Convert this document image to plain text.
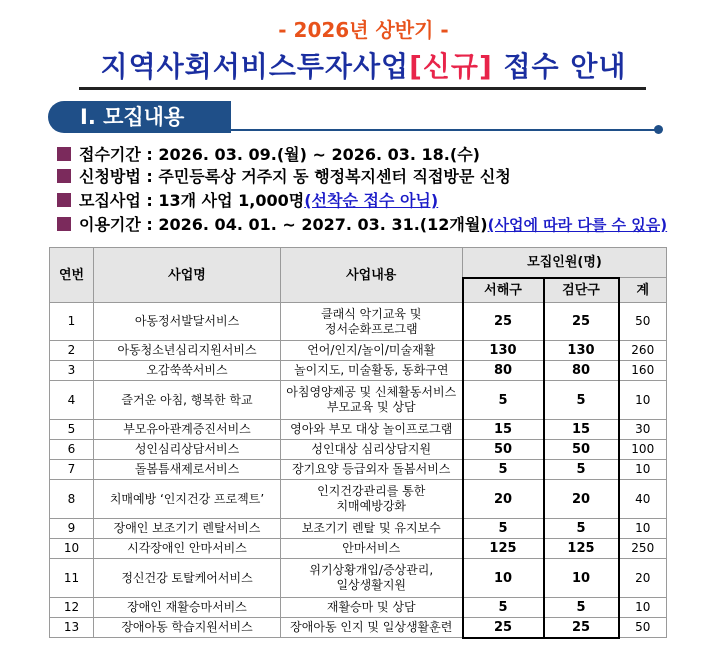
- 2026년 상반기 -
지역사회서비스투자사업[신규] 접수 안내
Ⅰ. 모집내용
접수기간 : 2026. 03. 09.(월) ~ 2026. 03. 18.(수)
신청방법 : 주민등록상 거주지 동 행정복지센터 직접방문 신청
모집사업 : 13개 사업 1,000명(선착순 접수 아님)
이용기간 : 2026. 04. 01. ~ 2027. 03. 31.(12개월)(사업에 따라 다를 수 있음)
연번	사업명	사업내용	모집인원(명)		
			서해구	검단구	계
1	아동정서발달서비스	클래식 악기교육 및
정서순화프로그램	25	25	50
2	아동청소년심리지원서비스	언어/인지/놀이/미술재활	130	130	260
3	오감쑥쑥서비스	놀이지도, 미술활동, 동화구연	80	80	160
4	즐거운 아침, 행복한 학교	아침영양제공 및 신체활동서비스
부모교육 및 상담	5	5	10
5	부모유아관계증진서비스	영아와 부모 대상 놀이프로그램	15	15	30
6	성인심리상담서비스	성인대상 심리상담지원	50	50	100
7	돌봄틈새제로서비스	장기요양 등급외자 돌봄서비스	5	5	10
8	치매예방 ‘인지건강 프로젝트’	인지건강관리를 통한
치매예방강화	20	20	40
9	장애인 보조기기 렌탈서비스	보조기기 렌탈 및 유지보수	5	5	10
10	시각장애인 안마서비스	안마서비스	125	125	250
11	정신건강 토탈케어서비스	위기상황개입/증상관리,
일상생활지원	10	10	20
12	장애인 재활승마서비스	재활승마 및 상담	5	5	10
13	장애아동 학습지원서비스	장애아동 인지 및 일상생활훈련	25	25	50
